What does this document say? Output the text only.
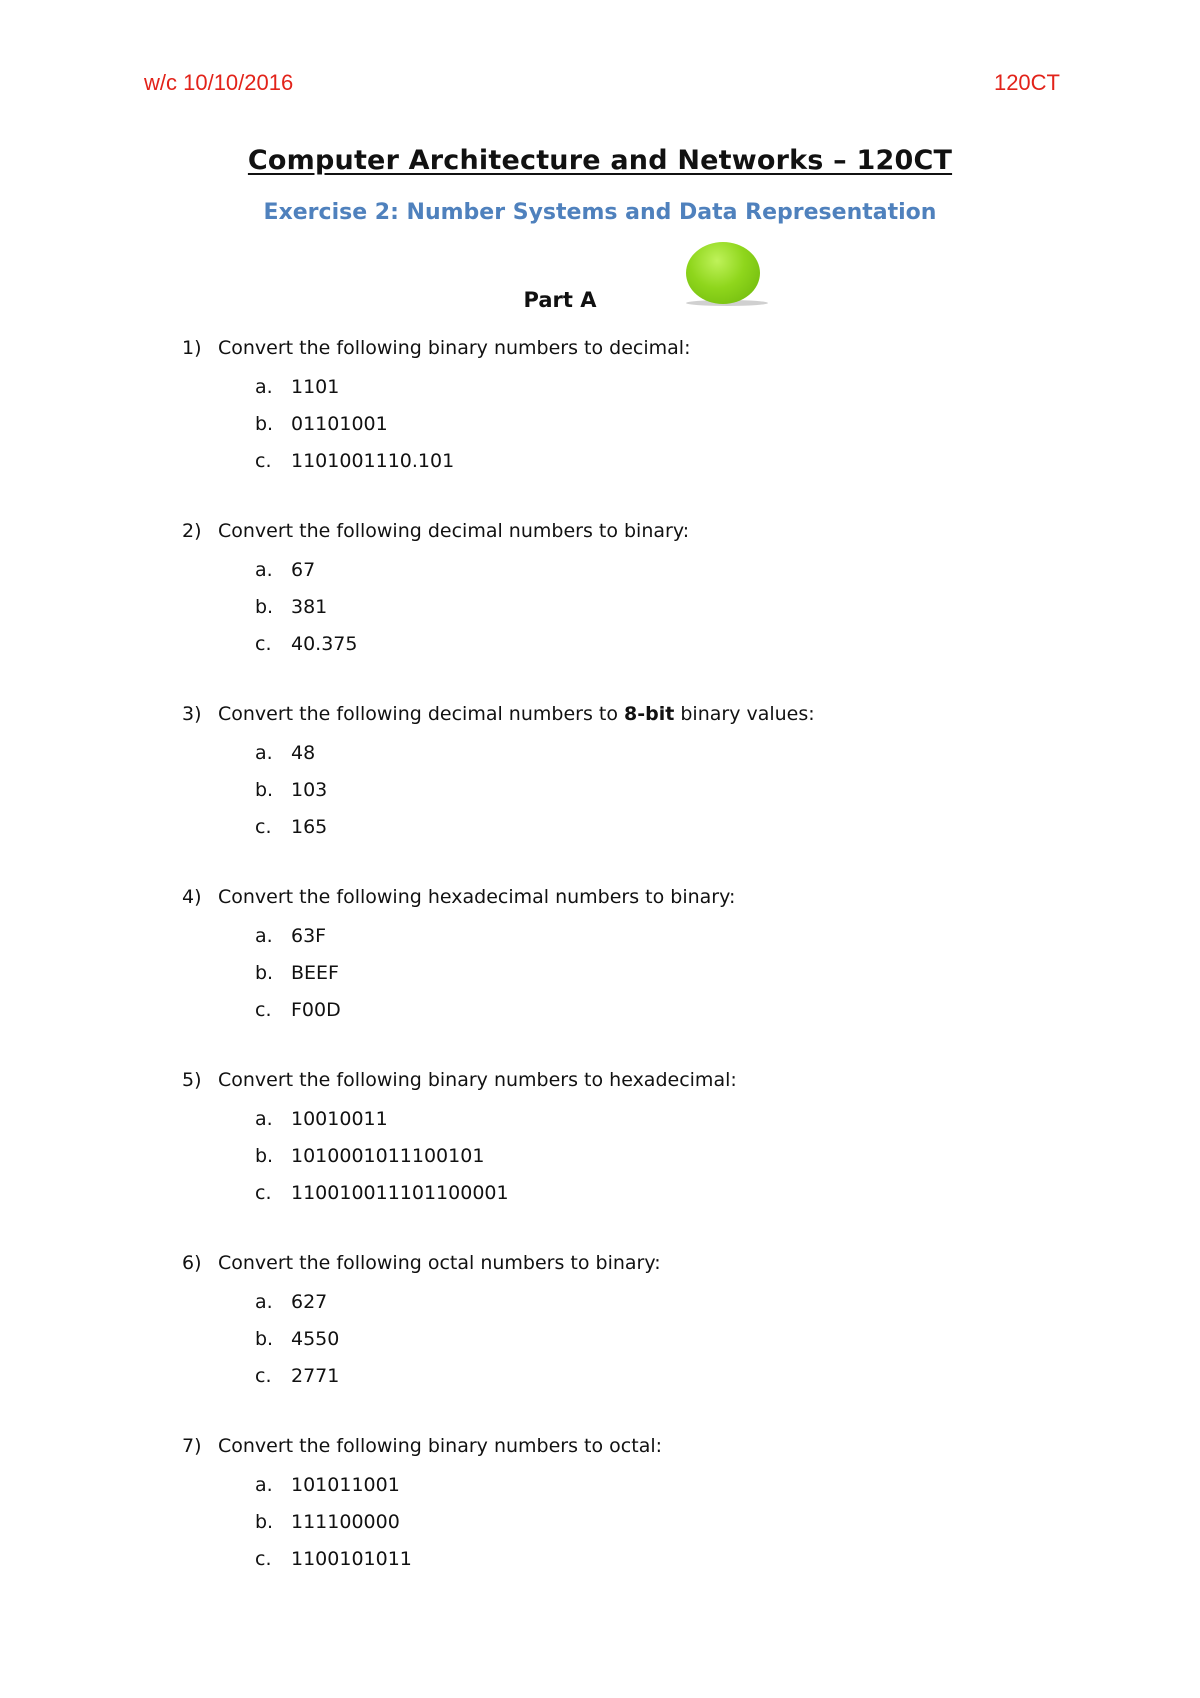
w/c 10/10/2016	120CT
Computer Architecture and Networks – 120CT
Exercise 2: Number Systems and Data Representation
Part A
1) Convert the following binary numbers to decimal:
a. 1101
b. 01101001
c.	1101001110.101
2) Convert the following decimal numbers to binary:
a. 67
b. 381
c.	40.375
3) Convert the following decimal numbers to 8-bit binary values:
a. 48
b. 103
c.	165
4) Convert the following hexadecimal numbers to binary:
a. 63F
b. BEEF
c.	F00D
5) Convert the following binary numbers to hexadecimal:
a. 10010011
b. 1010001011100101
c.	110010011101100001
6) Convert the following octal numbers to binary:
a. 627
b. 4550
c.	2771
7) Convert the following binary numbers to octal:
a. 101011001
b. 111100000
c.	1100101011
